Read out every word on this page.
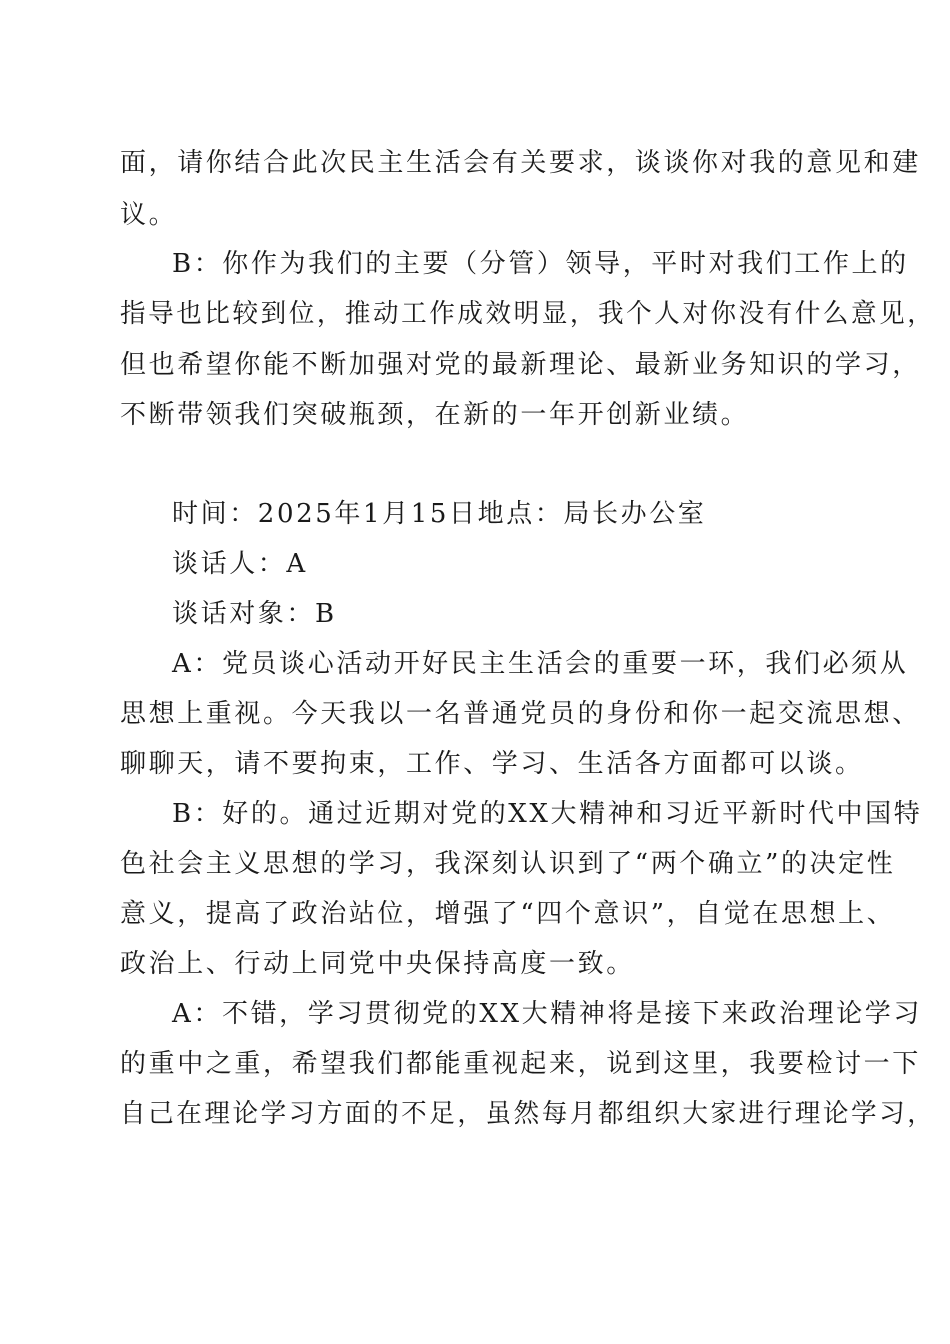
面，请你结合此次民主生活会有关要求，谈谈你对我的意见和建
议。
B：你作为我们的主要（分管）领导，平时对我们工作上的
指导也比较到位，推动工作成效明显，我个人对你没有什么意见，
但也希望你能不断加强对党的最新理论、最新业务知识的学习，
不断带领我们突破瓶颈，在新的一年开创新业绩。
时间：2025年1月15日地点：局长办公室
谈话人：A
谈话对象：B
A：党员谈心活动开好民主生活会的重要一环，我们必须从
思想上重视。今天我以一名普通党员的身份和你一起交流思想、
聊聊天，请不要拘束，工作、学习、生活各方面都可以谈。
B：好的。通过近期对党的XX大精神和习近平新时代中国特
色社会主义思想的学习，我深刻认识到了“两个确立”的决定性
意义，提高了政治站位，增强了“四个意识”，自觉在思想上、
政治上、行动上同党中央保持高度一致。
A：不错，学习贯彻党的XX大精神将是接下来政治理论学习
的重中之重，希望我们都能重视起来，说到这里，我要检讨一下
自己在理论学习方面的不足，虽然每月都组织大家进行理论学习，
